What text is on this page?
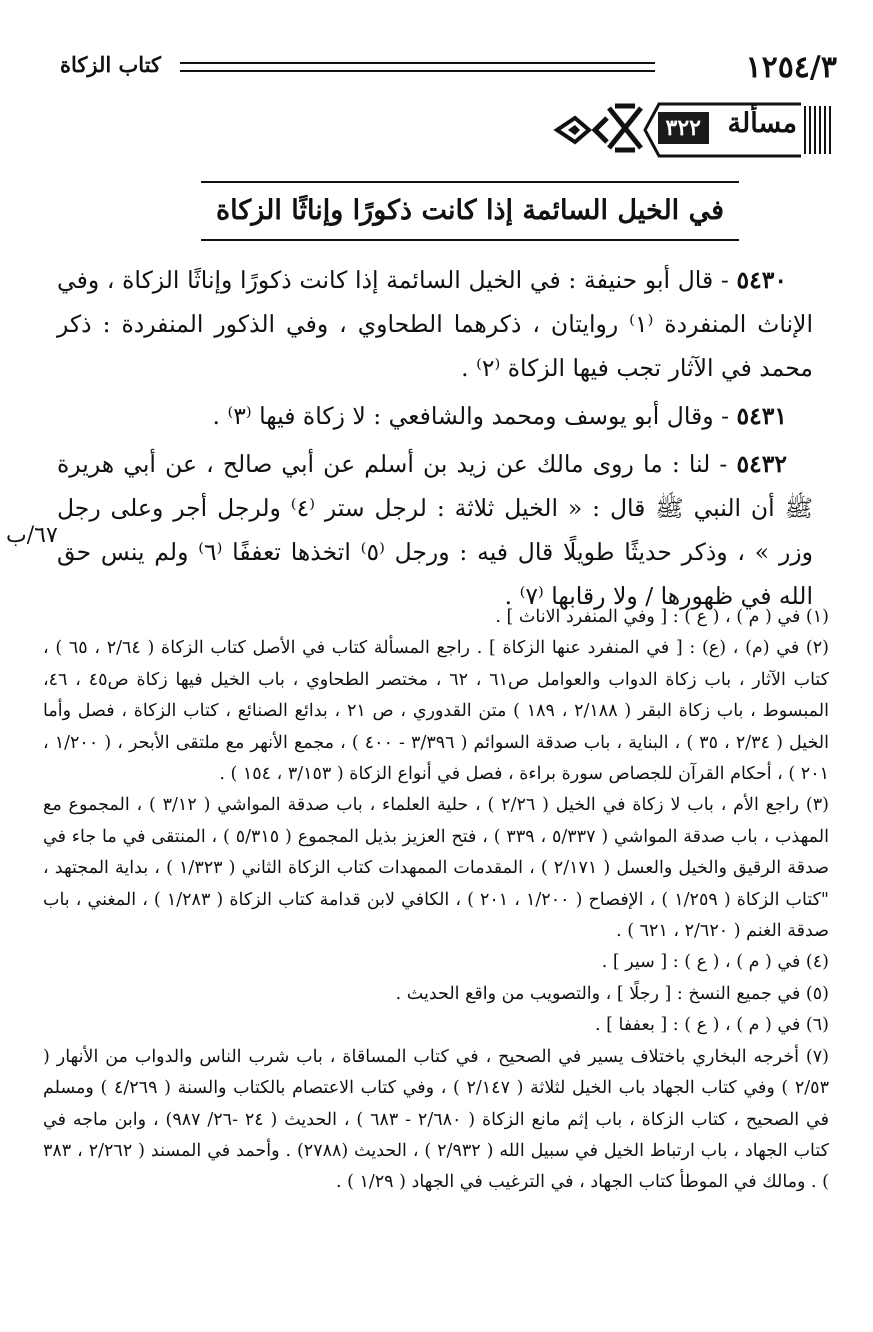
١٢٥٤/٣
كتاب الزكاة
مسألة
٣٢٢
في الخيل السائمة إذا كانت ذكورًا وإناثًا الزكاة

٥٤٣٠ - قال أبو حنيفة : في الخيل السائمة إذا كانت ذكورًا وإناثًا الزكاة ، وفي الإناث المنفردة ⁽١⁾ روايتان ، ذكرهما الطحاوي ، وفي الذكور المنفردة : ذكر محمد في الآثار تجب فيها الزكاة ⁽٢⁾ .

٥٤٣١ - وقال أبو يوسف ومحمد والشافعي : لا زكاة فيها ⁽٣⁾ .

٥٤٣٢ - لنا : ما روى مالك عن زيد بن أسلم عن أبي صالح ، عن أبي هريرة ﷺ أن النبي ﷺ قال : « الخيل ثلاثة : لرجل ستر ⁽٤⁾ ولرجل أجر وعلى رجل وزر » ، وذكر حديثًا طويلًا قال فيه : ورجل ⁽٥⁾ اتخذها تعففًا ⁽٦⁾ ولم ينس حق الله في ظهورها / ولا رقابها ⁽٧⁾ .

٦٧/ب

(١) في ( م ) ، ( ع ) : [ وفي المنفرد الاناث ] .

(٢) في (م) ، (ع) : [ في المنفرد عنها الزكاة ] . راجع المسألة كتاب في الأصل كتاب الزكاة ( ٢/٦٤ ، ٦٥ ) ، كتاب الآثار ، باب زكاة الدواب والعوامل ص٦١ ، ٦٢ ، مختصر الطحاوي ، باب الخيل فيها زكاة ص٤٥ ، ٤٦، المبسوط ، باب زكاة البقر ( ٢/١٨٨ ، ١٨٩ ) متن القدوري ، ص ٢١ ، بدائع الصنائع ، كتاب الزكاة ، فصل وأما الخيل ( ٢/٣٤ ، ٣٥ ) ، البناية ، باب صدقة السوائم ( ٣/٣٩٦ - ٤٠٠ ) ، مجمع الأنهر مع ملتقى الأبحر ، ( ١/٢٠٠ ، ٢٠١ ) ، أحكام القرآن للجصاص سورة براءة ، فصل في أنواع الزكاة ( ٣/١٥٣ ، ١٥٤ ) .

(٣) راجع الأم ، باب لا زكاة في الخيل ( ٢/٢٦ ) ، حلية العلماء ، باب صدقة المواشي ( ٣/١٢ ) ، المجموع مع المهذب ، باب صدقة المواشي ( ٥/٣٣٧ ، ٣٣٩ ) ، فتح العزيز بذيل المجموع ( ٥/٣١٥ ) ، المنتقى في ما جاء في صدقة الرقيق والخيل والعسل ( ٢/١٧١ ) ، المقدمات الممهدات كتاب الزكاة الثاني ( ١/٣٢٣ ) ، بداية المجتهد ، "كتاب الزكاة ( ١/٢٥٩ ) ، الإفصاح ( ١/٢٠٠ ، ٢٠١ ) ، الكافي لابن قدامة كتاب الزكاة ( ١/٢٨٣ ) ، المغني ، باب صدقة الغنم ( ٢/٦٢٠ ، ٦٢١ ) .

(٤) في ( م ) ، ( ع ) : [ سير ] .

(٥) في جميع النسخ : [ رجلًا ] ، والتصويب من واقع الحديث .

(٦) في ( م ) ، ( ع ) : [ بعففا ] .

(٧) أخرجه البخاري باختلاف يسير في الصحيح ، في كتاب المساقاة ، باب شرب الناس والدواب من الأنهار ( ٢/٥٣ ) وفي كتاب الجهاد باب الخيل لثلاثة ( ٢/١٤٧ ) ، وفي كتاب الاعتصام بالكتاب والسنة ( ٤/٢٦٩ ) ومسلم في الصحيح ، كتاب الزكاة ، باب إثم مانع الزكاة ( ٢/٦٨٠ - ٦٨٣ ) ، الحديث ( ٢٤ -٢٦/ ٩٨٧) ، وابن ماجه في كتاب الجهاد ، باب ارتباط الخيل في سبيل الله ( ٢/٩٣٢ ) ، الحديث (٢٧٨٨) . وأحمد في المسند ( ٢/٢٦٢ ، ٣٨٣ ) . ومالك في الموطأ كتاب الجهاد ، في الترغيب في الجهاد ( ١/٢٩ ) .
